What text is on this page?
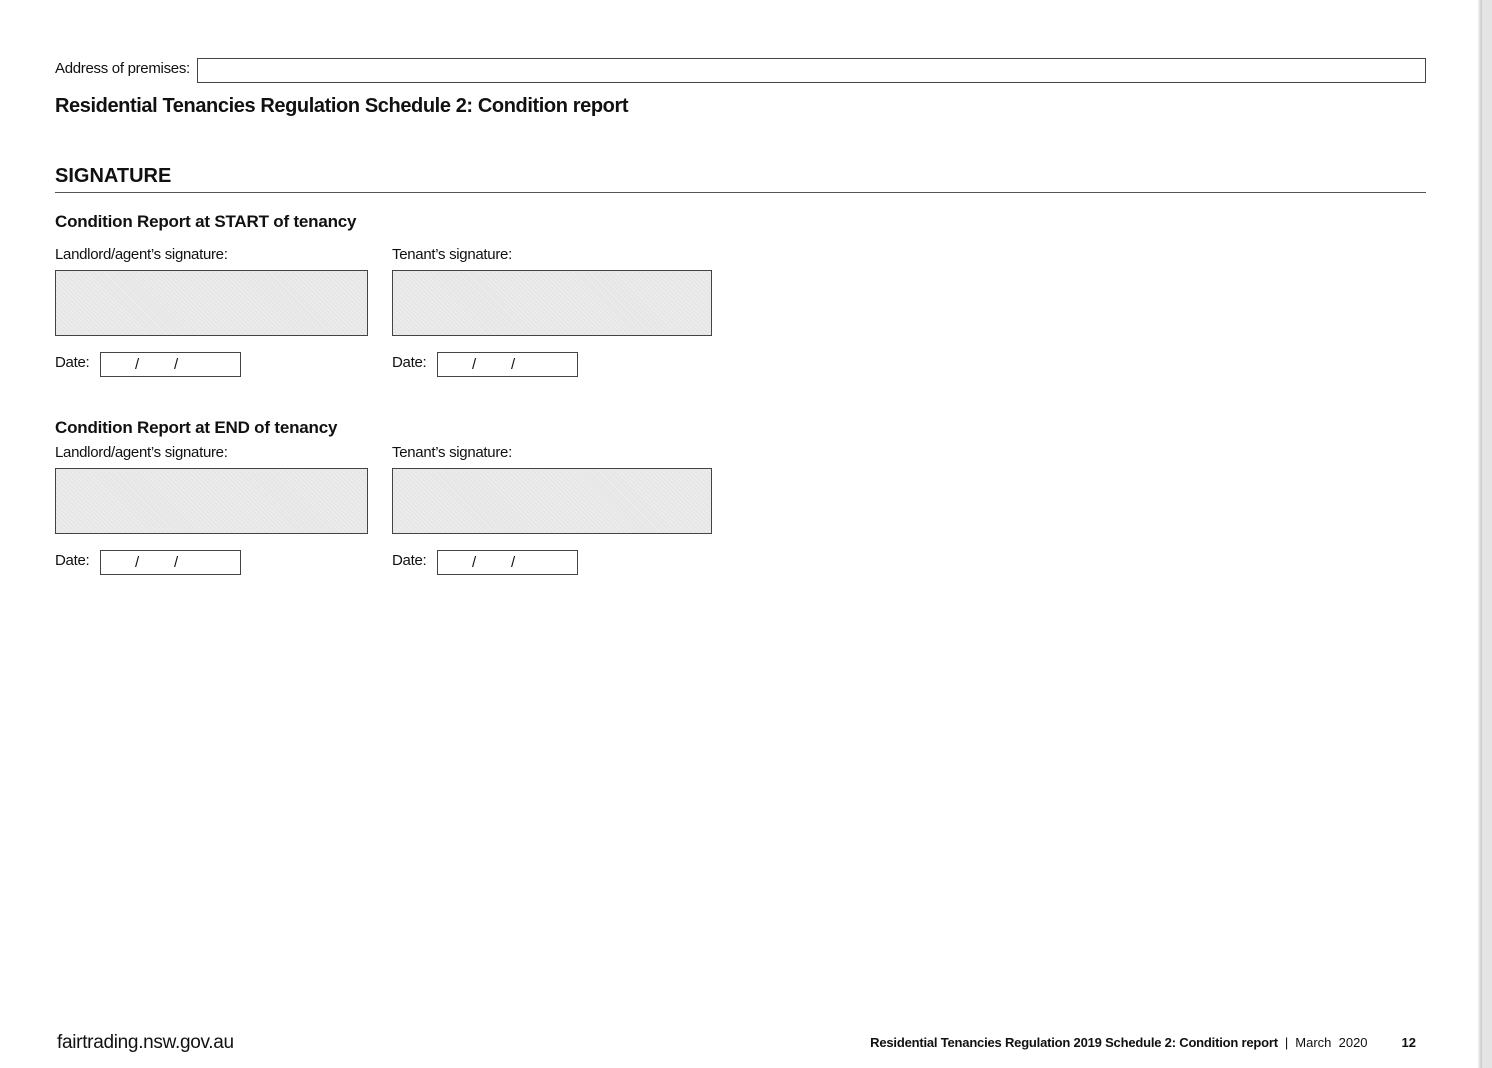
Address of premises:
Residential Tenancies Regulation Schedule 2: Condition report
SIGNATURE
Condition Report at START of tenancy
Landlord/agent’s signature:	Tenant’s signature:
Date:	/ /	Date:	/ /
Condition Report at END of tenancy
Landlord/agent’s signature:	Tenant’s signature:
Date:	/ /	Date:	/ /
fairtrading.nsw.gov.au	Residential Tenancies Regulation 2019 Schedule 2: Condition report | March  2020	12
